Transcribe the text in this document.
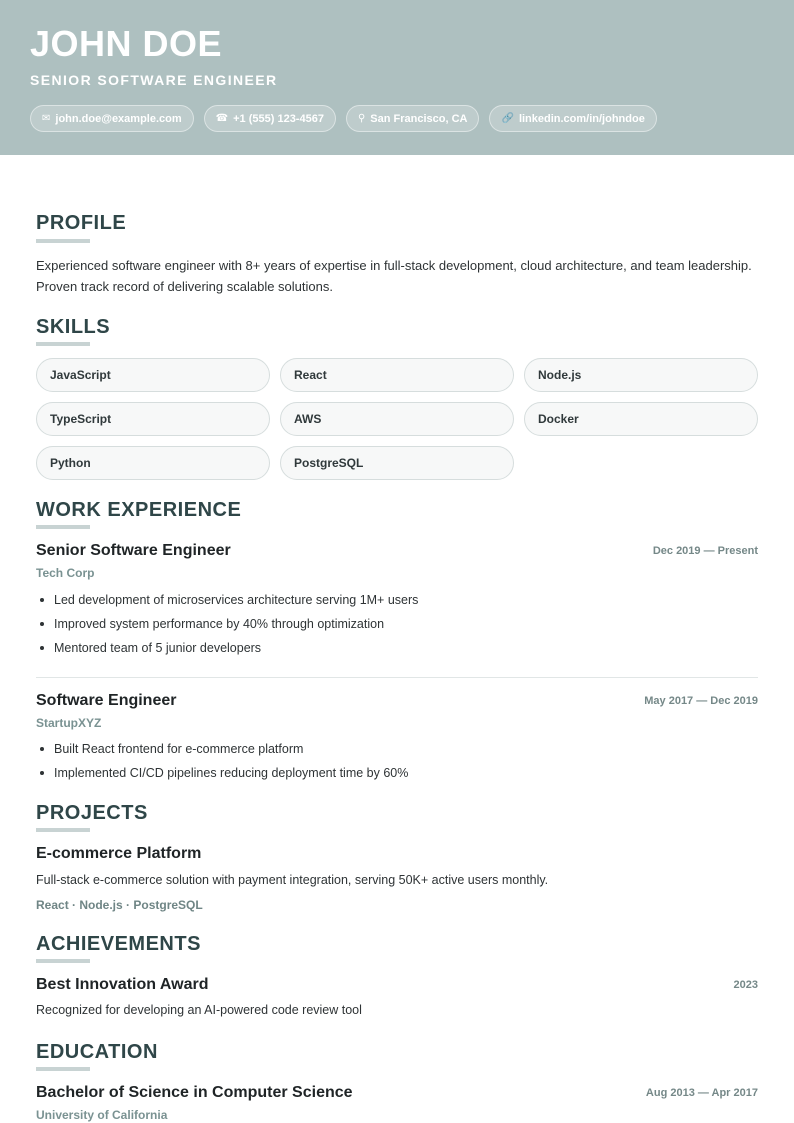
JOHN DOE
SENIOR SOFTWARE ENGINEER
✉ john.doe@example.com	☎ +1 (555) 123-4567	⚲ San Francisco, CA	🔗 linkedin.com/in/johndoe
PROFILE
Experienced software engineer with 8+ years of expertise in full-stack development, cloud architecture, and team leadership. Proven track record of delivering scalable solutions.
SKILLS
JavaScript	React	Node.js
TypeScript	AWS	Docker
Python	PostgreSQL
WORK EXPERIENCE
Senior Software Engineer	Dec 2019 — Present
Tech Corp
Led development of microservices architecture serving 1M+ users
Improved system performance by 40% through optimization
Mentored team of 5 junior developers
Software Engineer	May 2017 — Dec 2019
StartupXYZ
Built React frontend for e-commerce platform
Implemented CI/CD pipelines reducing deployment time by 60%
PROJECTS
E-commerce Platform
Full-stack e-commerce solution with payment integration, serving 50K+ active users monthly.
React · Node.js · PostgreSQL
ACHIEVEMENTS
Best Innovation Award	2023
Recognized for developing an AI-powered code review tool
EDUCATION
Bachelor of Science in Computer Science	Aug 2013 — Apr 2017
University of California
